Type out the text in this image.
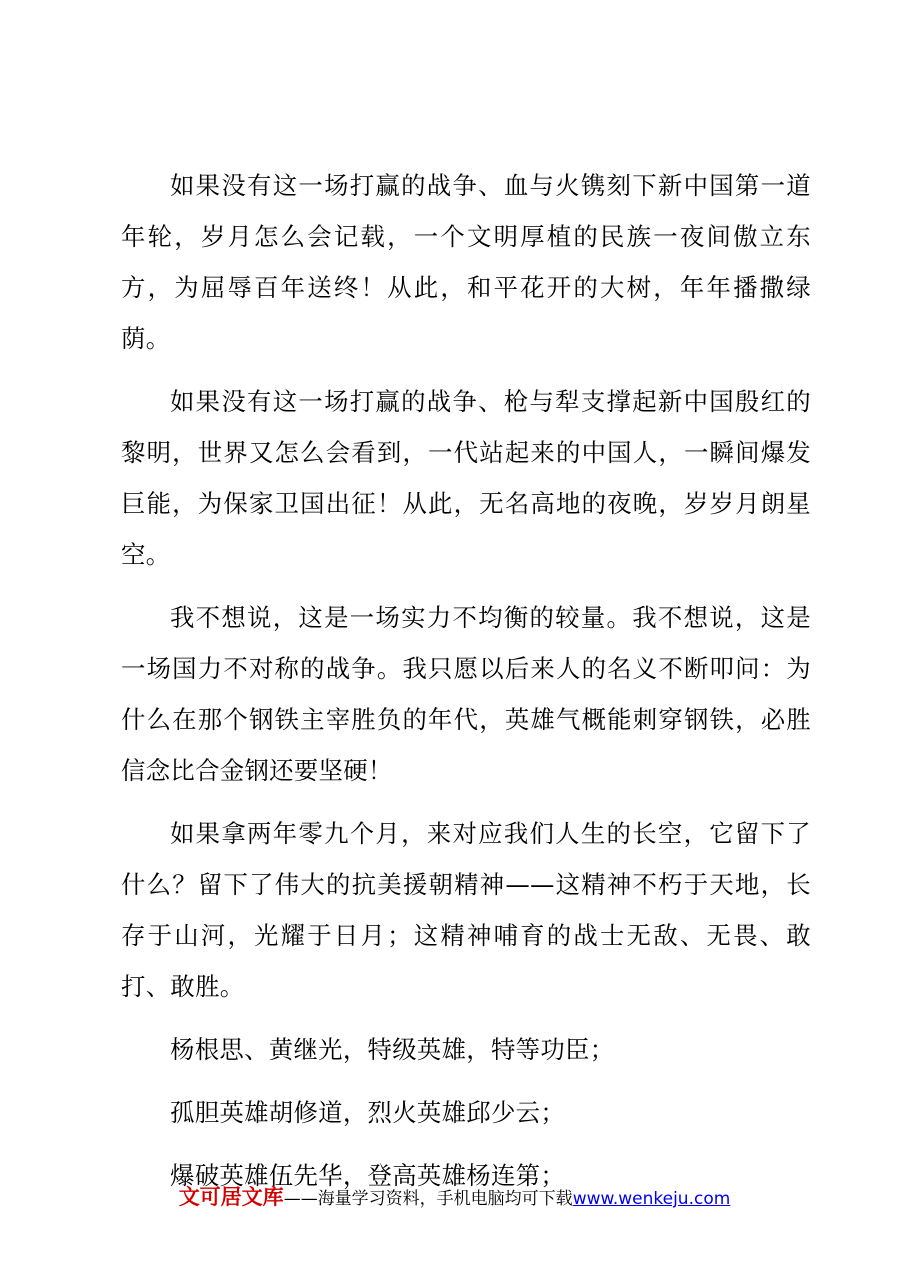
如果没有这一场打赢的战争、血与火镌刻下新中国第一道年轮，岁月怎么会记载，一个文明厚植的民族一夜间傲立东方，为屈辱百年送终！从此，和平花开的大树，年年播撒绿荫。

如果没有这一场打赢的战争、枪与犁支撑起新中国殷红的黎明，世界又怎么会看到，一代站起来的中国人，一瞬间爆发巨能，为保家卫国出征！从此，无名高地的夜晚，岁岁月朗星空。

我不想说，这是一场实力不均衡的较量。我不想说，这是一场国力不对称的战争。我只愿以后来人的名义不断叩问：为什么在那个钢铁主宰胜负的年代，英雄气概能刺穿钢铁，必胜信念比合金钢还要坚硬！

如果拿两年零九个月，来对应我们人生的长空，它留下了什么？留下了伟大的抗美援朝精神——这精神不朽于天地，长存于山河，光耀于日月；这精神哺育的战士无敌、无畏、敢打、敢胜。

杨根思、黄继光，特级英雄，特等功臣；

孤胆英雄胡修道，烈火英雄邱少云；

爆破英雄伍先华，登高英雄杨连第；

文可居文库——海量学习资料，手机电脑均可下载www.wenkeju.com
